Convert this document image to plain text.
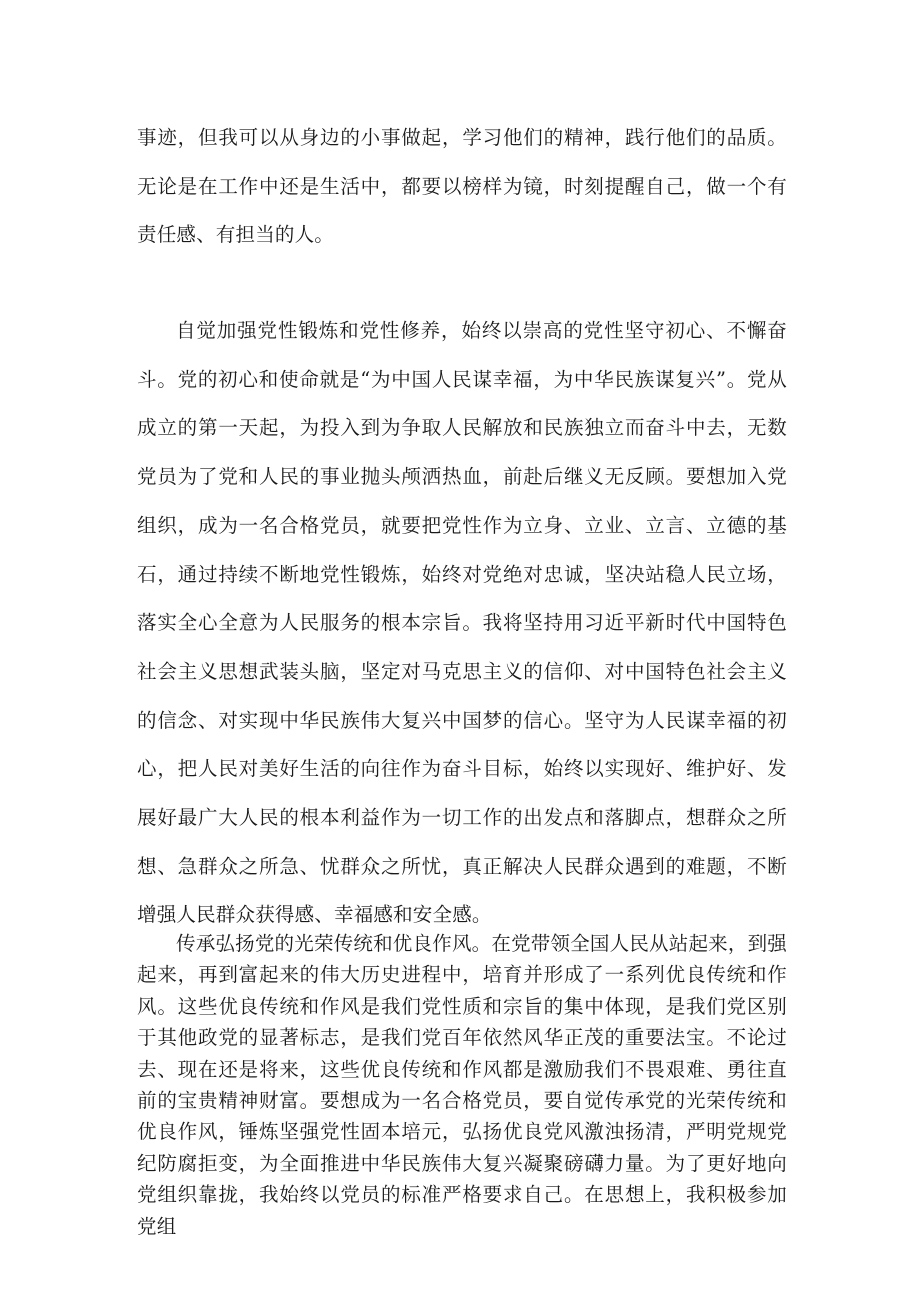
事迹，但我可以从身边的小事做起，学习他们的精神，践行他们的品质。无论是在工作中还是生活中，都要以榜样为镜，时刻提醒自己，做一个有责任感、有担当的人。

自觉加强党性锻炼和党性修养，始终以崇高的党性坚守初心、不懈奋斗。党的初心和使命就是“为中国人民谋幸福，为中华民族谋复兴”。党从成立的第一天起，为投入到为争取人民解放和民族独立而奋斗中去，无数党员为了党和人民的事业抛头颅洒热血，前赴后继义无反顾。要想加入党组织，成为一名合格党员，就要把党性作为立身、立业、立言、立德的基石，通过持续不断地党性锻炼，始终对党绝对忠诚，坚决站稳人民立场，落实全心全意为人民服务的根本宗旨。我将坚持用习近平新时代中国特色社会主义思想武装头脑，坚定对马克思主义的信仰、对中国特色社会主义的信念、对实现中华民族伟大复兴中国梦的信心。坚守为人民谋幸福的初心，把人民对美好生活的向往作为奋斗目标，始终以实现好、维护好、发展好最广大人民的根本利益作为一切工作的出发点和落脚点，想群众之所想、急群众之所急、忧群众之所忧，真正解决人民群众遇到的难题，不断增强人民群众获得感、幸福感和安全感。

传承弘扬党的光荣传统和优良作风。在党带领全国人民从站起来，到强起来，再到富起来的伟大历史进程中，培育并形成了一系列优良传统和作风。这些优良传统和作风是我们党性质和宗旨的集中体现，是我们党区别于其他政党的显著标志，是我们党百年依然风华正茂的重要法宝。不论过去、现在还是将来，这些优良传统和作风都是激励我们不畏艰难、勇往直前的宝贵精神财富。要想成为一名合格党员，要自觉传承党的光荣传统和优良作风，锤炼坚强党性固本培元，弘扬优良党风激浊扬清，严明党规党纪防腐拒变，为全面推进中华民族伟大复兴凝聚磅礴力量。为了更好地向党组织靠拢，我始终以党员的标准严格要求自己。在思想上，我积极参加党组
